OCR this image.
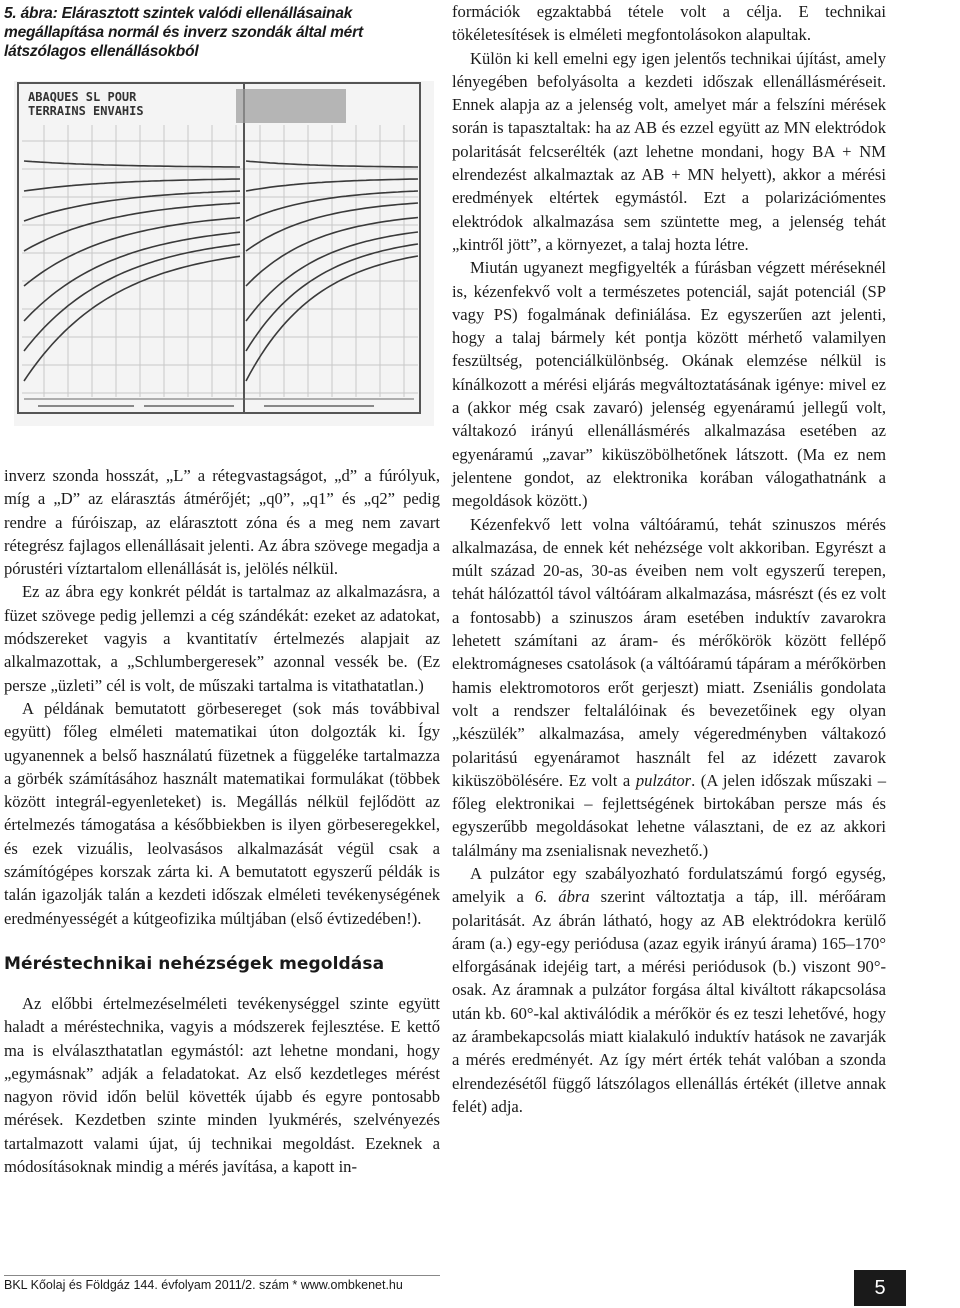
5. ábra: Elárasztott szintek valódi ellenállásainak megállapítása normál és inverz szondák által mért látszólagos ellenállásokból
ABAQUES SL POUR
TERRAINS ENVAHIS

inverz szonda hosszát, „L” a rétegvastagságot, „d” a fúrólyuk, míg a „D” az elárasztás átmérőjét; „q0”, „q1” és „q2” pedig rendre a fúróiszap, az elárasztott zóna és a meg nem zavart rétegrész fajlagos ellenállásait jelenti. Az ábra szövege megadja a pórustéri víztartalom ellenállását is, jelölés nélkül.

Ez az ábra egy konkrét példát is tartalmaz az alkalmazásra, a füzet szövege pedig jellemzi a cég szándékát: ezeket az adatokat, módszereket vagyis a kvantitatív értelmezés alapjait az alkalmazottak, a „Schlumbergeresek” azonnal vessék be. (Ez persze „üzleti” cél is volt, de műszaki tartalma is vitathatatlan.)

A példának bemutatott görbesereget (sok más továbbival együtt) főleg elméleti matematikai úton dolgozták ki. Így ugyanennek a belső használatú füzetnek a függeléke tartalmazza a görbék számításához használt matematikai formulákat (többek között integrál-egyenleteket) is. Megállás nélkül fejlődött az értelmezés támogatása a későbbiekben is ilyen görbeseregekkel, és ezek vizuális, leolvasásos alkalmazását végül csak a számítógépes korszak zárta ki. A bemutatott egyszerű példák is talán igazolják talán a kezdeti időszak elméleti tevékenységének eredményességét a kútgeofizika múltjában (első évtizedében!).

Méréstechnikai nehézségek megoldása

Az előbbi értelmezéselméleti tevékenységgel szinte együtt haladt a méréstechnika, vagyis a módszerek fejlesztése. E kettő ma is elválaszthatatlan egymástól: azt lehetne mondani, hogy „egymásnak” adják a feladatokat. Az első kezdetleges mérést nagyon rövid időn belül követték újabb és egyre pontosabb mérések. Kezdetben szinte minden lyukmérés, szelvényezés tartalmazott valami újat, új technikai megoldást. Ezeknek a módosításoknak mindig a mérés javítása, a kapott in-

formációk egzaktabbá tétele volt a célja. E technikai tökéletesítések is elméleti megfontolásokon alapultak.

Külön ki kell emelni egy igen jelentős technikai újítást, amely lényegében befolyásolta a kezdeti időszak ellenállásméréseit. Ennek alapja az a jelenség volt, amelyet már a felszíni mérések során is tapasztaltak: ha az AB és ezzel együtt az MN elektródok polaritását felcserélték (azt lehetne mondani, hogy BA + NM elrendezést alkalmaztak az AB + MN helyett), akkor a mérési eredmények eltértek egymástól. Ezt a polarizációmentes elektródok alkalmazása sem szüntette meg, a jelenség tehát „kintről jött”, a környezet, a talaj hozta létre.

Miután ugyanezt megfigyelték a fúrásban végzett méréseknél is, kézenfekvő volt a természetes potenciál, saját potenciál (SP vagy PS) fogalmának definiálása. Ez egyszerűen azt jelenti, hogy a talaj bármely két pontja között mérhető valamilyen feszültség, potenciálkülönbség. Okának elemzése nélkül is kínálkozott a mérési eljárás megváltoztatásának igénye: mivel ez a (akkor még csak zavaró) jelenség egyenáramú jellegű volt, váltakozó irányú ellenállásmérés alkalmazása esetében az egyenáramú „zavar” kiküszöbölhetőnek látszott. (Ma ez nem jelentene gondot, az elektronika korában válogathatnánk a megoldások között.)

Kézenfekvő lett volna váltóáramú, tehát szinuszos mérés alkalmazása, de ennek két nehézsége volt akkoriban. Egyrészt a múlt század 20-as, 30-as éveiben nem volt egyszerű terepen, tehát hálózattól távol váltóáram alkalmazása, másrészt (és ez volt a fontosabb) a szinuszos áram esetében induktív zavarokra lehetett számítani az áram- és mérőkörök között fellépő elektromágneses csatolások (a váltóáramú tápáram a mérőkörben hamis elektromotoros erőt gerjeszt) miatt. Zseniális gondolata volt a rendszer feltalálóinak és bevezetőinek egy olyan „készülék” alkalmazása, amely végeredményben váltakozó polaritású egyenáramot használt fel az idézett zavarok kiküszöbölésére. Ez volt a pulzátor. (A jelen időszak műszaki – főleg elektronikai – fejlettségének birtokában persze más és egyszerűbb megoldásokat lehetne választani, de ez az akkori találmány ma zsenialisnak nevezhető.)

A pulzátor egy szabályozható fordulatszámú forgó egység, amelyik a 6. ábra szerint változtatja a táp, ill. mérőáram polaritását. Az ábrán látható, hogy az AB elektródokra kerülő áram (a.) egy-egy periódusa (azaz egyik irányú árama) 165–170° elforgásának idejéig tart, a mérési periódusok (b.) viszont 90°-osak. Az áramnak a pulzátor forgása által kiváltott rákapcsolása után kb. 60°-kal aktiválódik a mérőkör és ez teszi lehetővé, hogy az árambekapcsolás miatt kialakuló induktív hatások ne zavarják a mérés eredményét. Az így mért érték tehát valóban a szonda elrendezésétől függő látszólagos ellenállás értékét (illetve annak felét) adja.

BKL Kőolaj és Földgáz 144. évfolyam 2011/2. szám * www.ombkenet.hu	5
